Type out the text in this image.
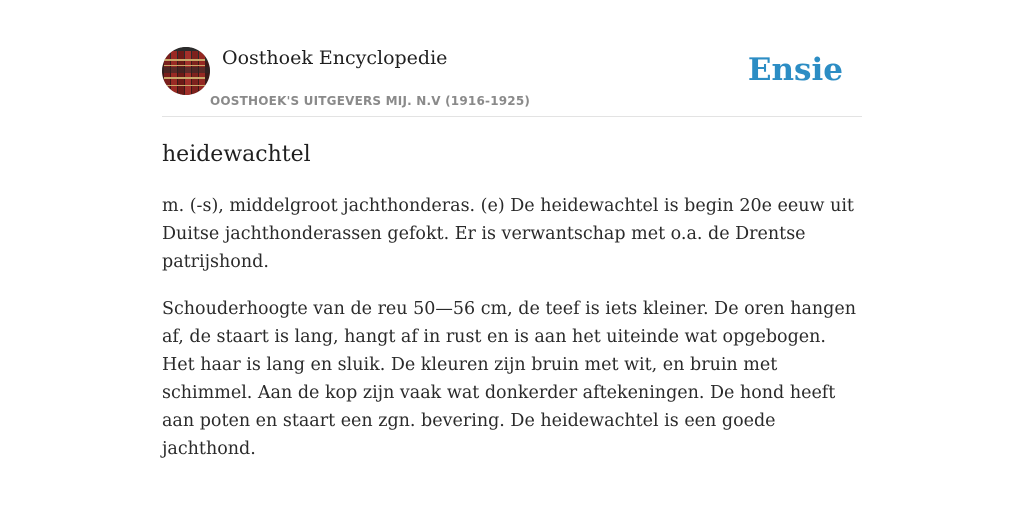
Oosthoek Encyclopedie
OOSTHOEK'S UITGEVERS MIJ. N.V (1916-1925)
Ensie
heidewachtel

m. (-s), middelgroot jachthonderas. (e) De heidewachtel is begin 20e eeuw uit Duitse jachthonderassen gefokt. Er is verwantschap met o.a. de Drentse patrijshond.

Schouderhoogte van de reu 50—56 cm, de teef is iets kleiner. De oren hangen af, de staart is lang, hangt af in rust en is aan het uiteinde wat opgebogen. Het haar is lang en sluik. De kleuren zijn bruin met wit, en bruin met schimmel. Aan de kop zijn vaak wat donkerder aftekeningen. De hond heeft aan poten en staart een zgn. bevering. De heidewachtel is een goede jachthond.
